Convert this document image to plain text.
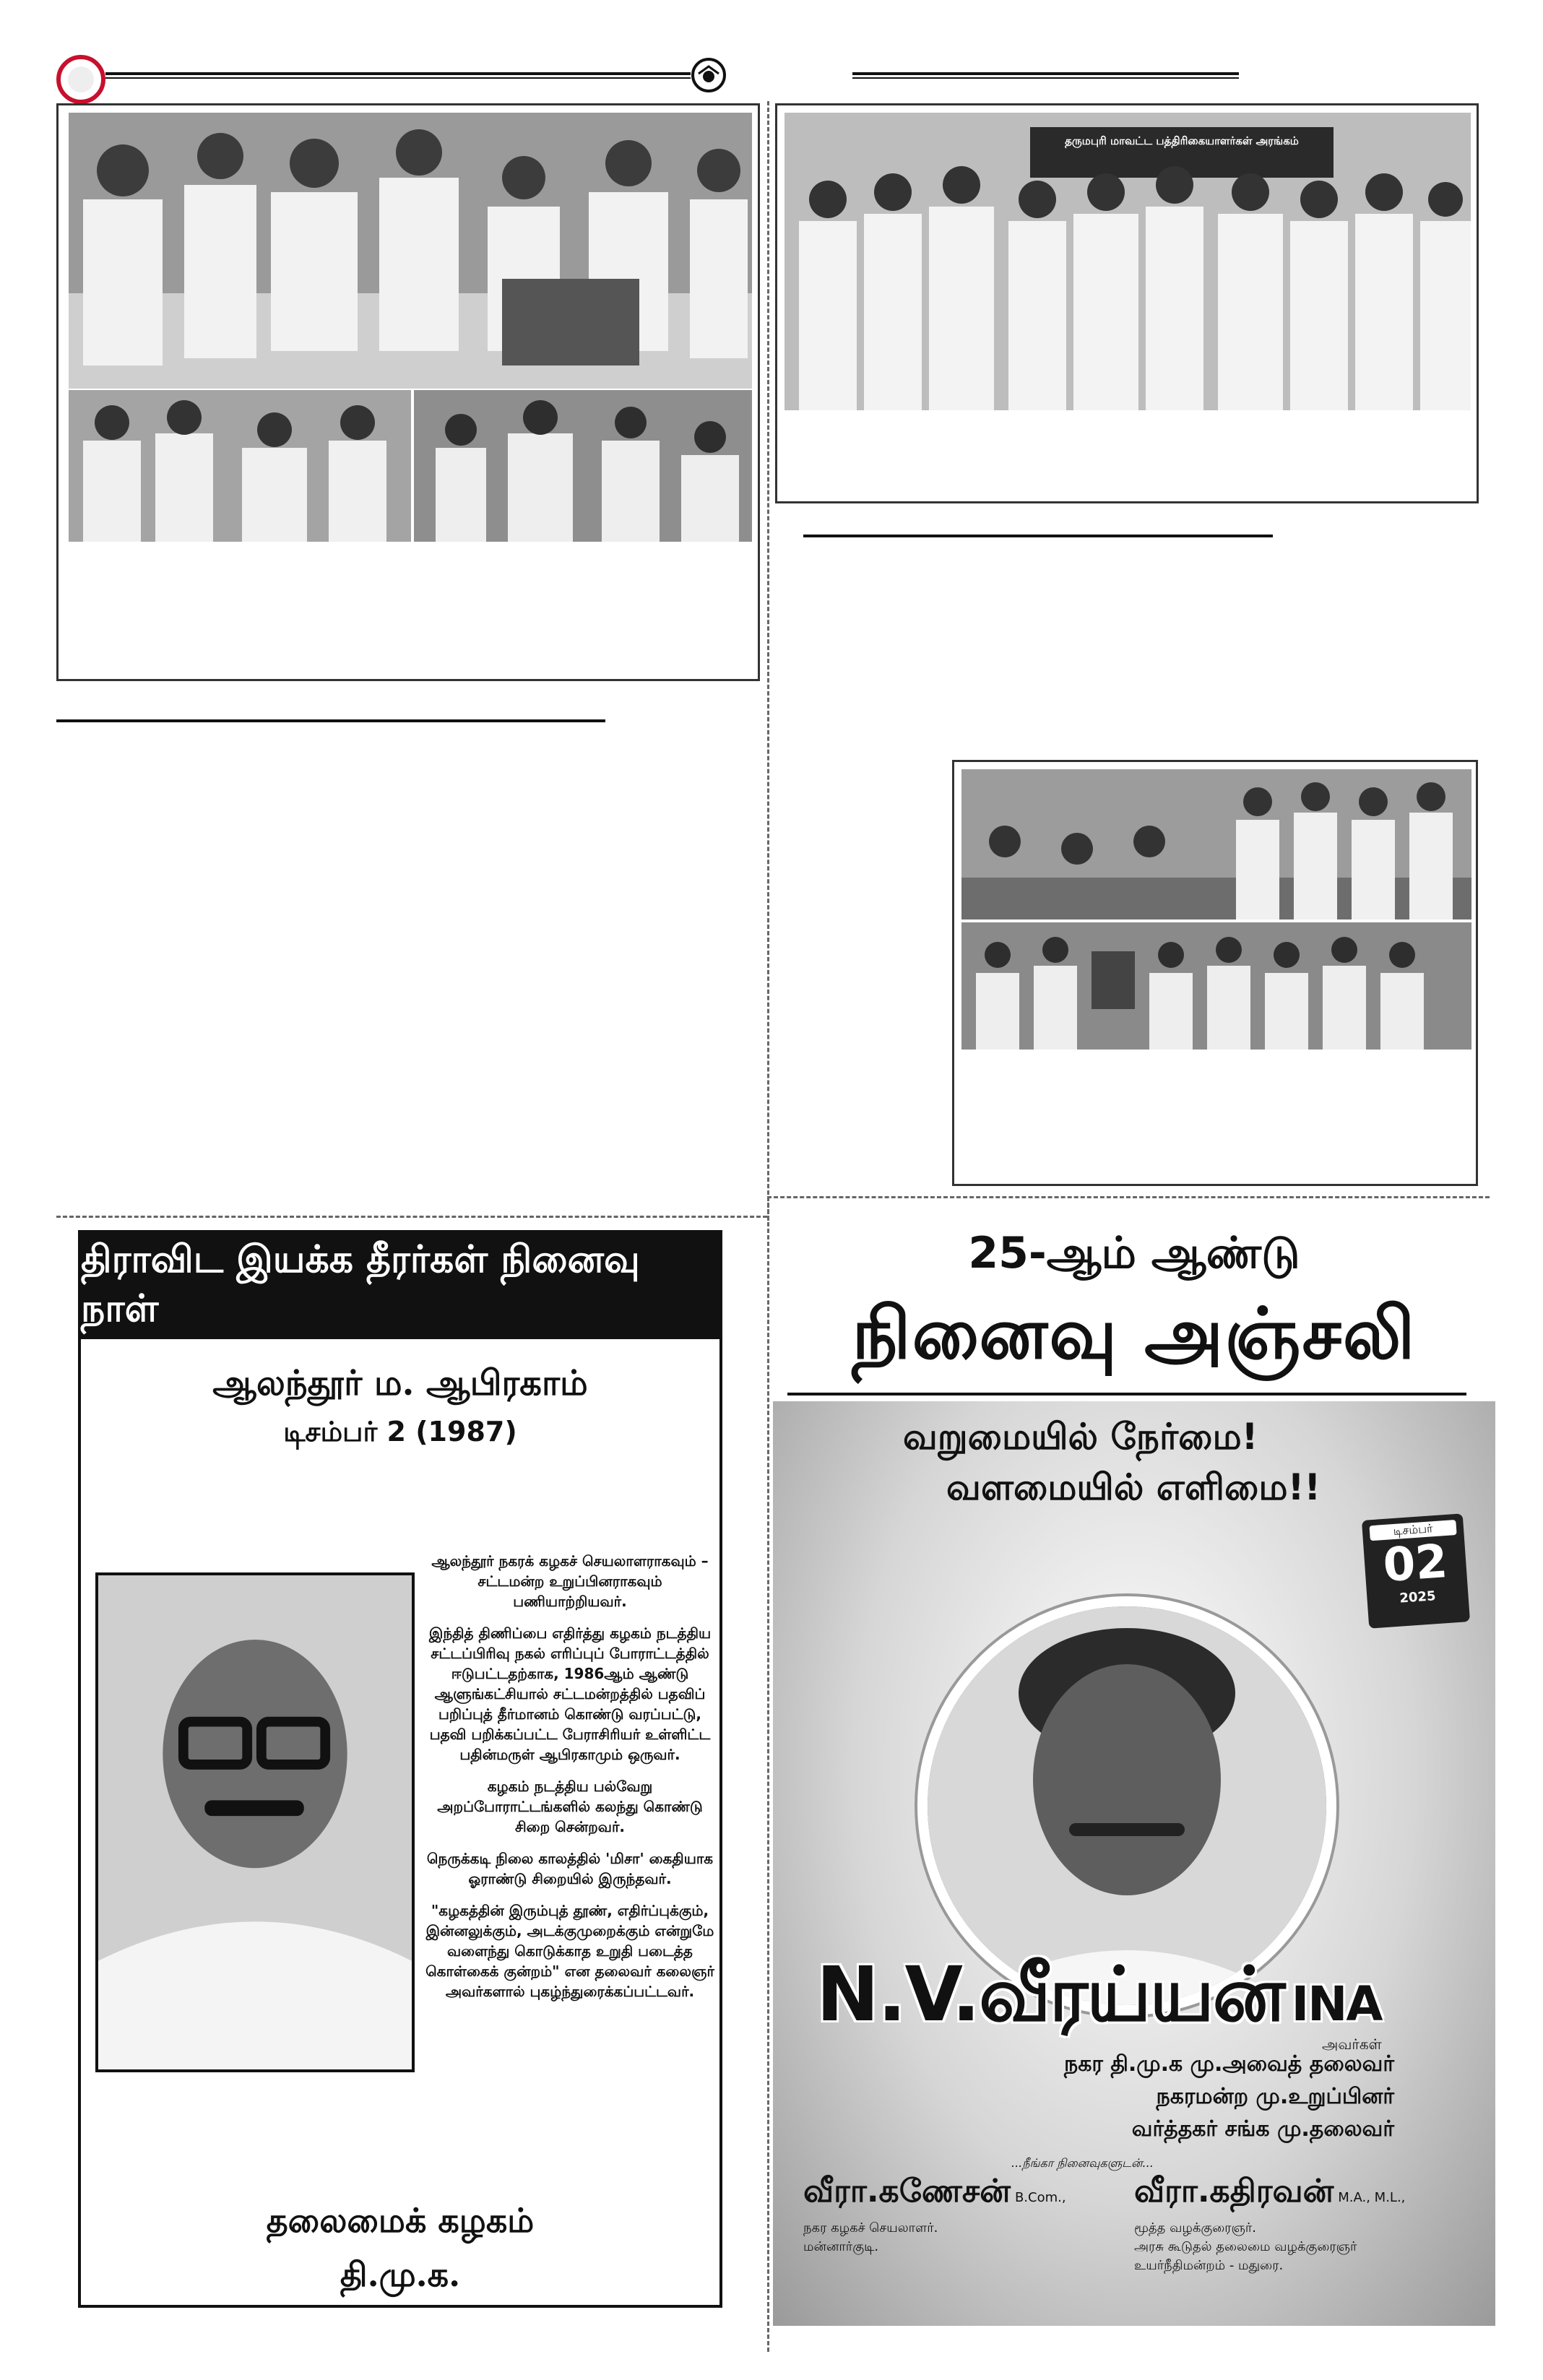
தருமபுரி மாவட்ட பத்திரிகையாளர்கள் அரங்கம்
திராவிட இயக்க தீரர்கள் நினைவு நாள்
ஆலந்தூர் ம. ஆபிரகாம்
டிசம்பர் 2 (1987)

ஆலந்தூர் நகரக் கழகச் செயலாளராகவும் – சட்டமன்ற உறுப்பினராகவும் பணியாற்றியவர்.

இந்தித் திணிப்பை எதிர்த்து கழகம் நடத்திய சட்டப்பிரிவு நகல் எரிப்புப் போராட்டத்தில் ஈடுபட்டதற்காக, 1986ஆம் ஆண்டு ஆளுங்கட்சியால் சட்டமன்றத்தில் பதவிப் பறிப்புத் தீர்மானம் கொண்டு வரப்பட்டு, பதவி பறிக்கப்பட்ட பேராசிரியர் உள்ளிட்ட பதின்மருள் ஆபிரகாமும் ஒருவர்.

கழகம் நடத்திய பல்வேறு அறப்போராட்டங்களில் கலந்து கொண்டு சிறை சென்றவர்.

நெருக்கடி நிலை காலத்தில் 'மிசா' கைதியாக ஓராண்டு சிறையில் இருந்தவர்.

"கழகத்தின் இரும்புத் தூண், எதிர்ப்புக்கும், இன்னலுக்கும், அடக்குமுறைக்கும் என்றுமே வளைந்து கொடுக்காத உறுதி படைத்த கொள்கைக் குன்றம்" என தலைவர் கலைஞர் அவர்களால் புகழ்ந்துரைக்கப்பட்டவர்.

தலைமைக் கழகம்
தி.மு.க.
25-ஆம் ஆண்டு
நினைவு அஞ்சலி
வறுமையில் நேர்மை!
வளமையில் எளிமை!!
டிசம்பர்
02
2025
N.V.வீரய்யன் INA
அவர்கள்
நகர தி.மு.க மு.அவைத் தலைவர்
நகரமன்ற மு.உறுப்பினர்
வர்த்தகர் சங்க மு.தலைவர்
...நீங்கா நினைவுகளுடன்...
வீரா.கணேசன் B.Com.,
நகர கழகச் செயலாளர்.
மன்னார்குடி.
வீரா.கதிரவன் M.A., M.L.,
மூத்த வழக்குரைஞர்.
அரசு கூடுதல் தலைமை வழக்குரைஞர்
உயர்நீதிமன்றம் - மதுரை.
